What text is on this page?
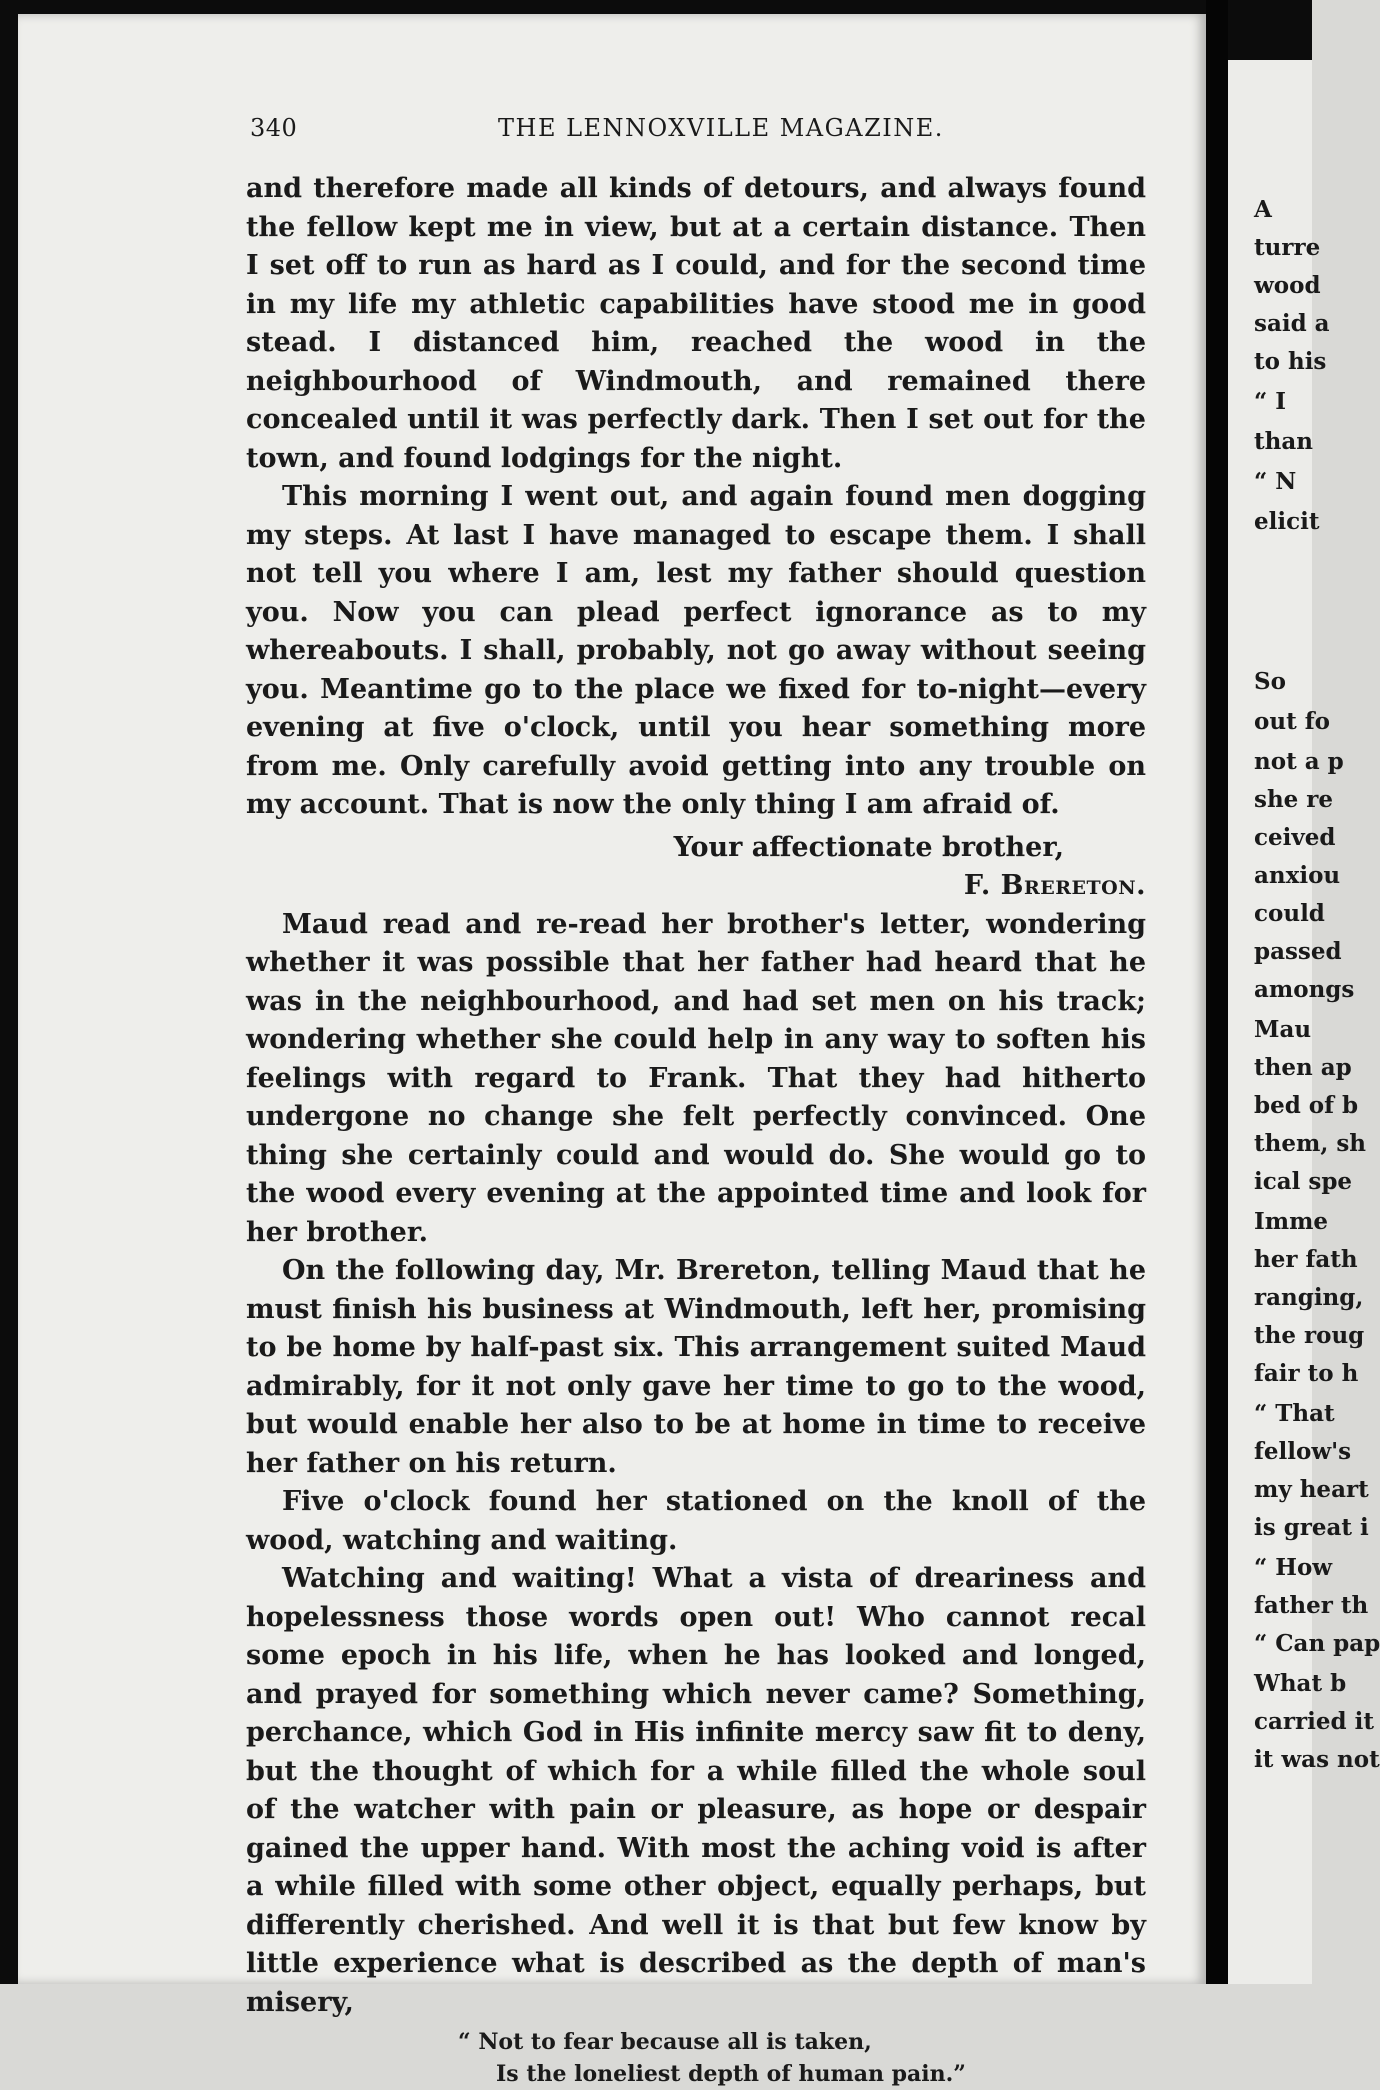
A
turre
wood
said a
to his
“ I
than
“ N
elicit
So
out fo
not a p
she re
ceived
anxiou
could
passed
amongs
Mau
then ap
bed of b
them, sh
ical spe
Imme
her fath
ranging,
the roug
fair to h
“ That
fellow's
my heart
is great i
“ How
father th
“ Can pap
What b
carried it
it was not
340	THE LENNOXVILLE MAGAZINE.

and therefore made all kinds of detours, and always found the fellow kept me in view, but at a certain distance. Then I set off to run as hard as I could, and for the second time in my life my athletic capabilities have stood me in good stead. I distanced him, reached the wood in the neighbourhood of Windmouth, and remained there concealed until it was perfectly dark. Then I set out for the town, and found lodgings for the night.

This morning I went out, and again found men dogging my steps. At last I have managed to escape them. I shall not tell you where I am, lest my father should question you. Now you can plead perfect ignorance as to my whereabouts. I shall, probably, not go away without seeing you. Meantime go to the place we fixed for to-night—every evening at five o'clock, until you hear something more from me. Only carefully avoid getting into any trouble on my account. That is now the only thing I am afraid of.

Your affectionate brother,

F. Brereton.

Maud read and re-read her brother's letter, wondering whether it was possible that her father had heard that he was in the neighbourhood, and had set men on his track; wondering whether she could help in any way to soften his feelings with regard to Frank. That they had hitherto undergone no change she felt perfectly convinced. One thing she certainly could and would do. She would go to the wood every evening at the appointed time and look for her brother.

On the following day, Mr. Brereton, telling Maud that he must finish his business at Windmouth, left her, promising to be home by half-past six. This arrangement suited Maud admirably, for it not only gave her time to go to the wood, but would enable her also to be at home in time to receive her father on his return.

Five o'clock found her stationed on the knoll of the wood, watching and waiting.

Watching and waiting! What a vista of dreariness and hopelessness those words open out! Who cannot recal some epoch in his life, when he has looked and longed, and prayed for something which never came? Something, perchance, which God in His infinite mercy saw fit to deny, but the thought of which for a while filled the whole soul of the watcher with pain or pleasure, as hope or despair gained the upper hand. With most the aching void is after a while filled with some other object, equally perhaps, but differently cherished. And well it is that but few know by little experience what is described as the depth of man's misery,

“ Not to fear because all is taken,
Is the loneliest depth of human pain.”
